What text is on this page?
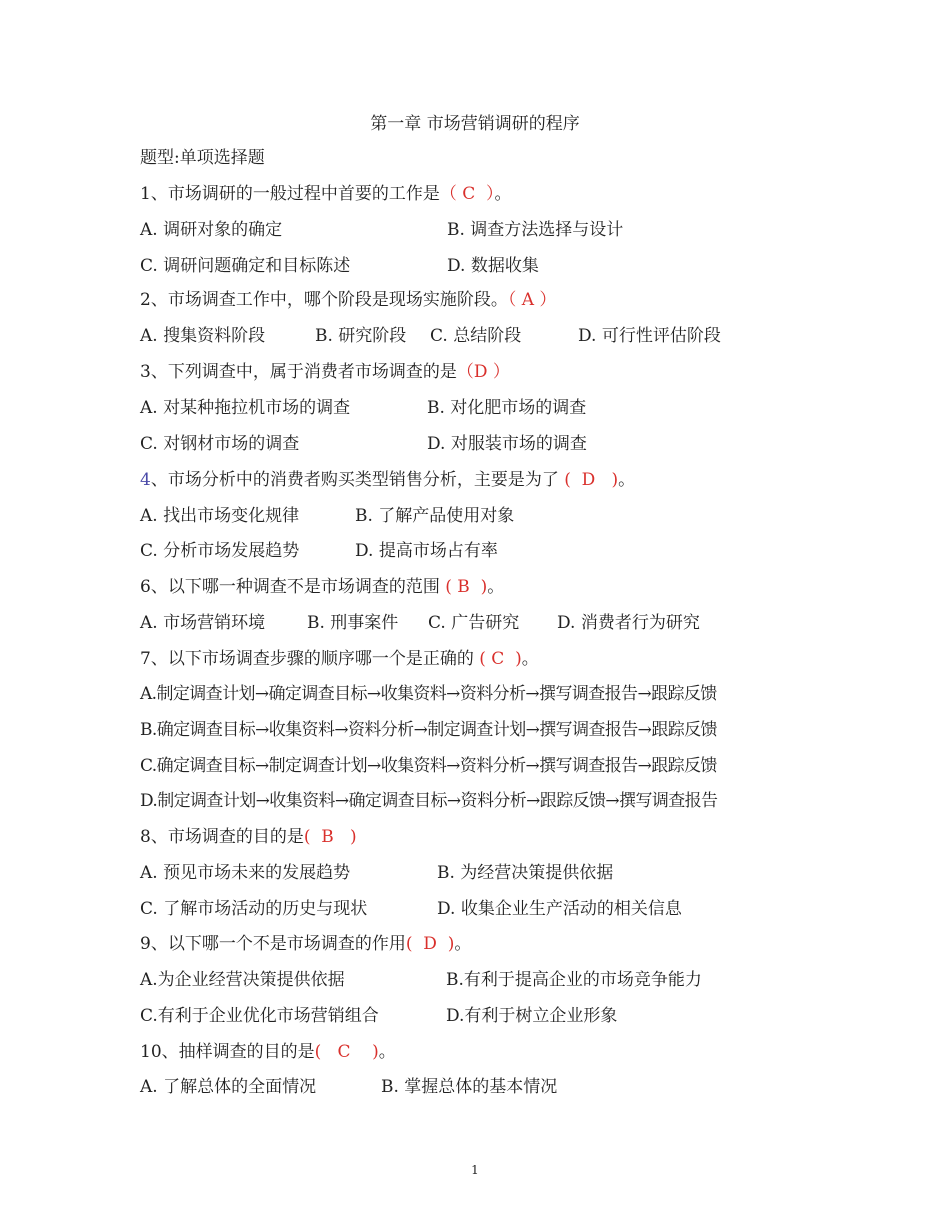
第一章 市场营销调研的程序
题型:单项选择题
1、市场调研的一般过程中首要的工作是（ C  ）。
A. 调研对象的确定	B. 调查方法选择与设计
C. 调研问题确定和目标陈述	D. 数据收集
2、市场调查工作中，哪个阶段是现场实施阶段。（ A ）
A. 搜集资料阶段	B. 研究阶段 C. 总结阶段	D. 可行性评估阶段
3、下列调查中，属于消费者市场调查的是（D ）
A. 对某种拖拉机市场的调查	B. 对化肥市场的调查
C. 对钢材市场的调查	D. 对服装市场的调查
4、市场分析中的消费者购买类型销售分析，主要是为了 (  D   )。
A. 找出市场变化规律	B. 了解产品使用对象
C. 分析市场发展趋势	D. 提高市场占有率
6、以下哪一种调查不是市场调查的范围 ( B  )。
A. 市场营销环境 B. 刑事案件 C. 广告研究 D. 消费者行为研究
7、以下市场调查步骤的顺序哪一个是正确的 ( C  )。
A.制定调查计划→确定调查目标→收集资料→资料分析→撰写调查报告→跟踪反馈
B.确定调查目标→收集资料→资料分析→制定调查计划→撰写调查报告→跟踪反馈
C.确定调查目标→制定调查计划→收集资料→资料分析→撰写调查报告→跟踪反馈
D.制定调查计划→收集资料→确定调查目标→资料分析→跟踪反馈→撰写调查报告
8、市场调查的目的是(  B   )
A. 预见市场未来的发展趋势	B. 为经营决策提供依据
C. 了解市场活动的历史与现状	D. 收集企业生产活动的相关信息
9、以下哪一个不是市场调查的作用(  D  )。
A.为企业经营决策提供依据	B.有利于提高企业的市场竞争能力
C.有利于企业优化市场营销组合	D.有利于树立企业形象
10、抽样调查的目的是(   C    )。
A. 了解总体的全面情况	B. 掌握总体的基本情况
1
